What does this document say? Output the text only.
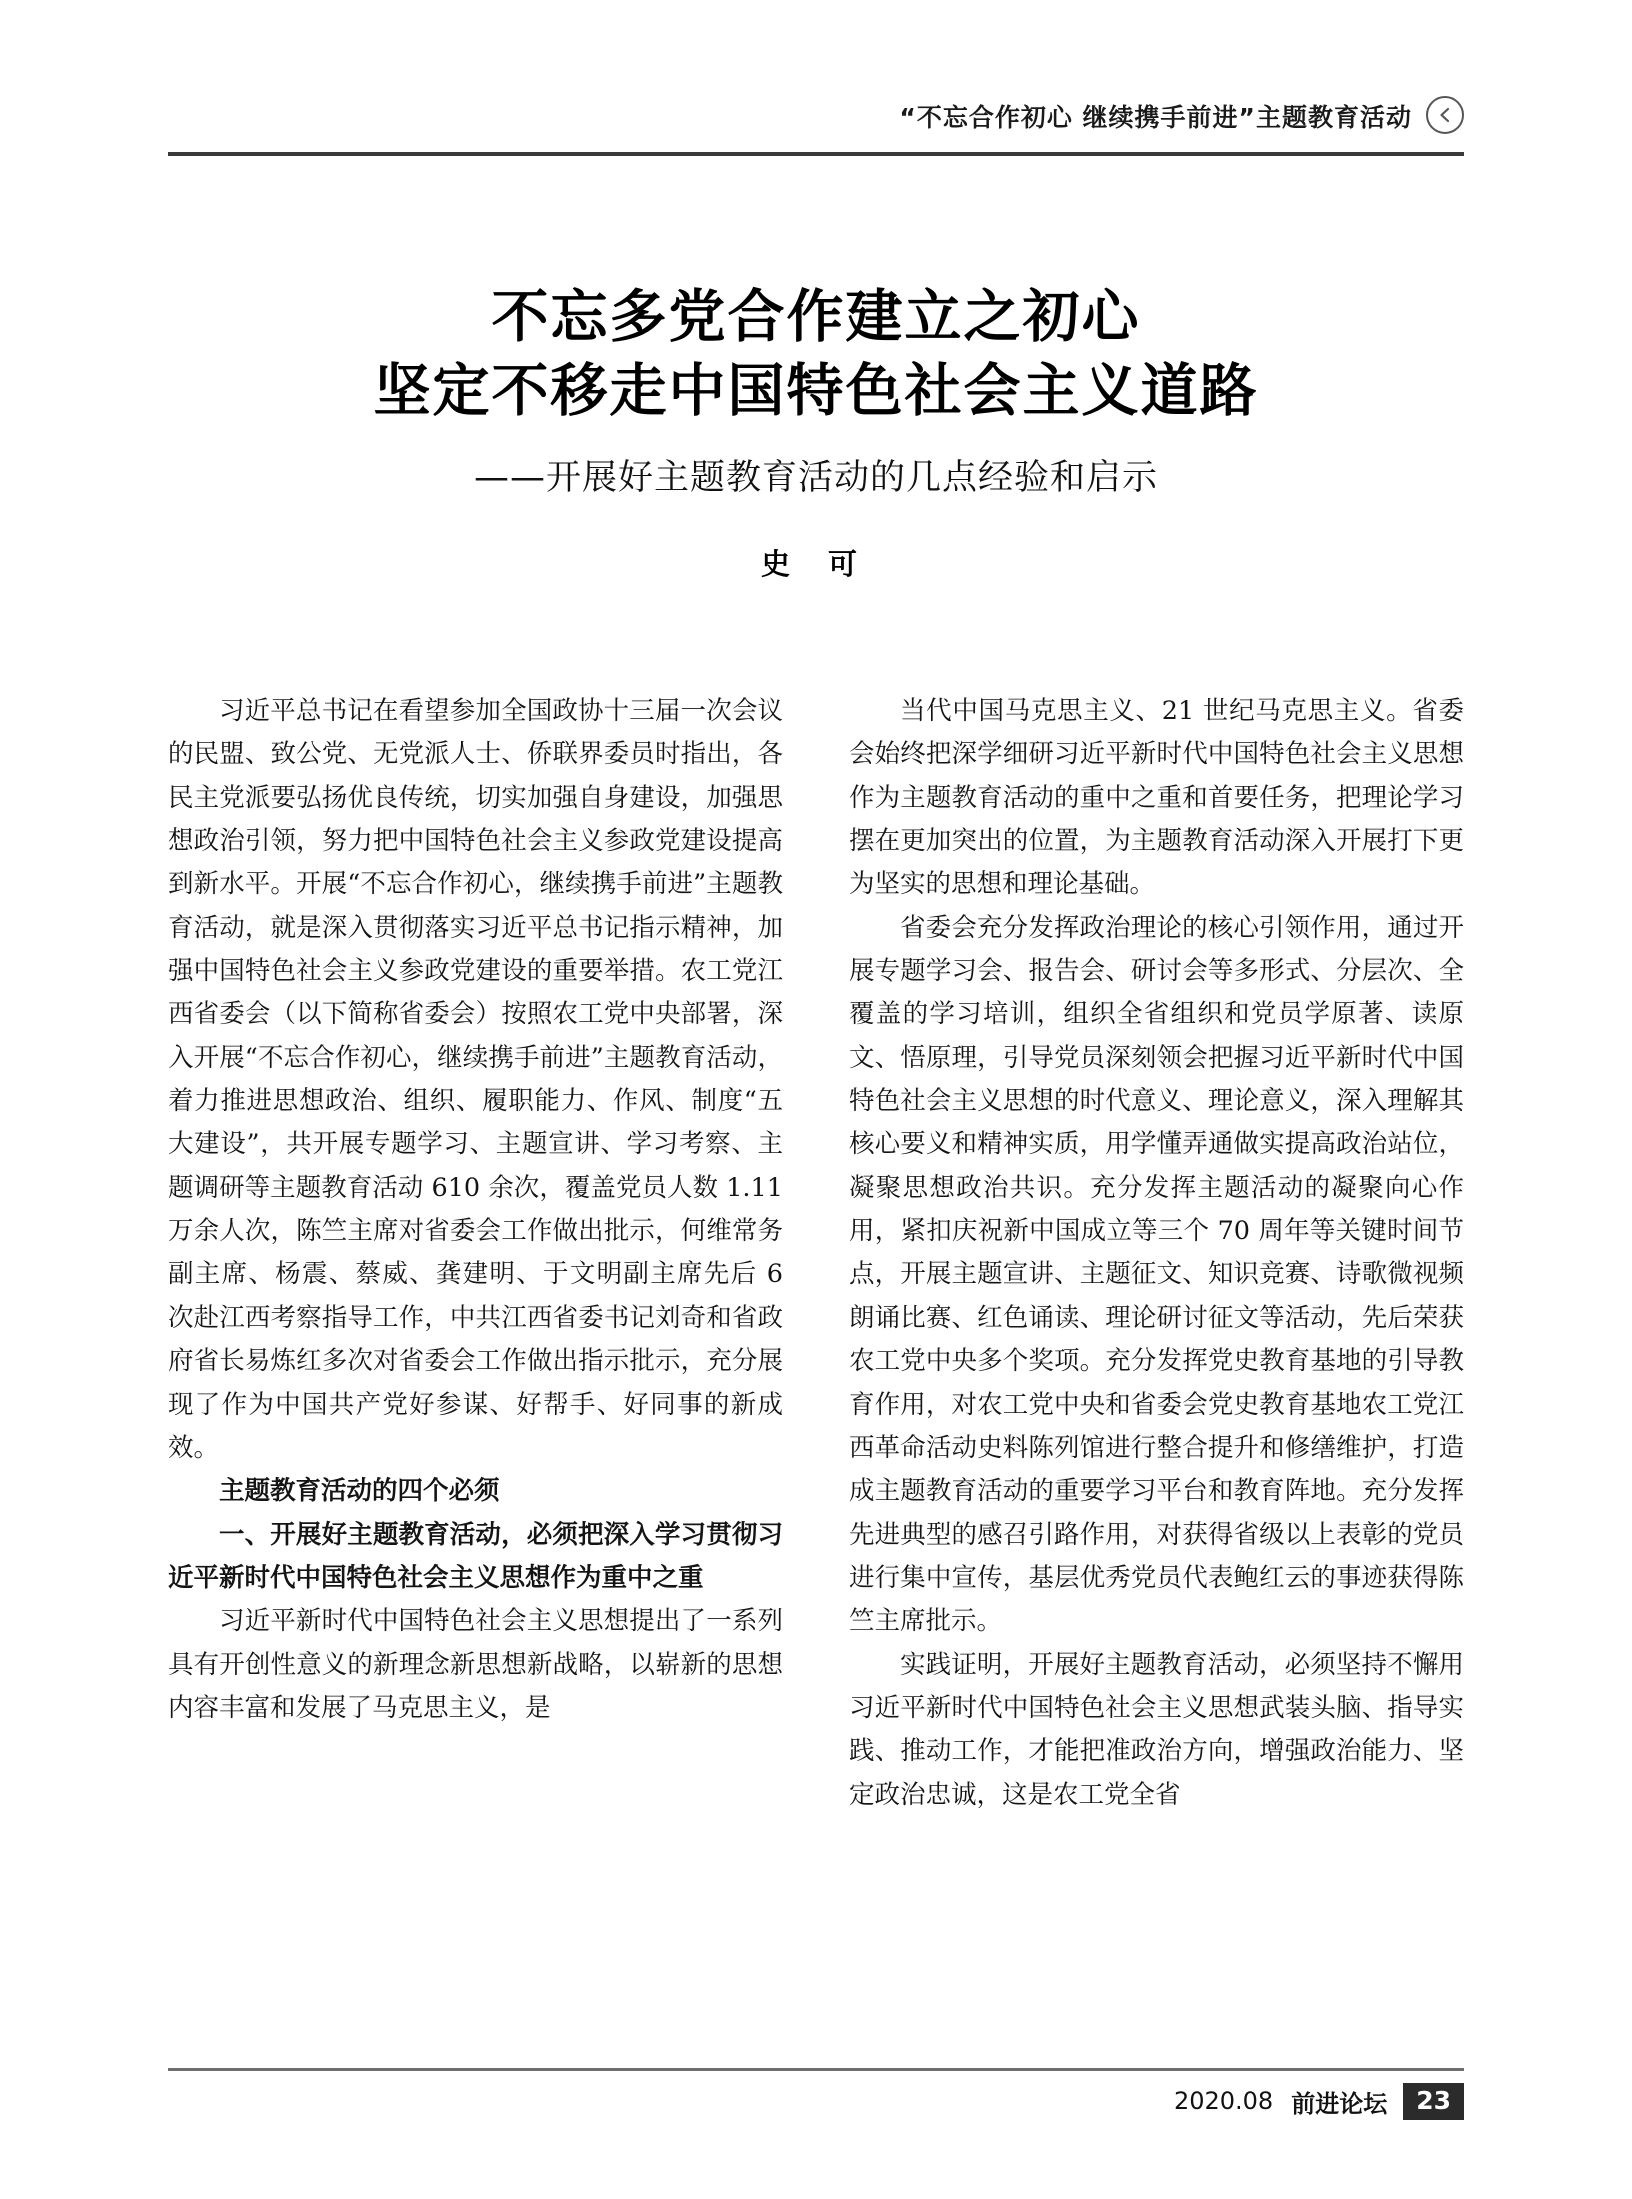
“不忘合作初心 继续携手前进”主题教育活动
不忘多党合作建立之初心
坚定不移走中国特色社会主义道路
——开展好主题教育活动的几点经验和启示
史 可

习近平总书记在看望参加全国政协十三届一次会议的民盟、致公党、无党派人士、侨联界委员时指出，各民主党派要弘扬优良传统，切实加强自身建设，加强思想政治引领，努力把中国特色社会主义参政党建设提高到新水平。开展“不忘合作初心，继续携手前进”主题教育活动，就是深入贯彻落实习近平总书记指示精神，加强中国特色社会主义参政党建设的重要举措。农工党江西省委会（以下简称省委会）按照农工党中央部署，深入开展“不忘合作初心，继续携手前进”主题教育活动，着力推进思想政治、组织、履职能力、作风、制度“五大建设”，共开展专题学习、主题宣讲、学习考察、主题调研等主题教育活动 610 余次，覆盖党员人数 1.11 万余人次，陈竺主席对省委会工作做出批示，何维常务副主席、杨震、蔡威、龚建明、于文明副主席先后 6 次赴江西考察指导工作，中共江西省委书记刘奇和省政府省长易炼红多次对省委会工作做出指示批示，充分展现了作为中国共产党好参谋、好帮手、好同事的新成效。

主题教育活动的四个必须

一、开展好主题教育活动，必须把深入学习贯彻习近平新时代中国特色社会主义思想作为重中之重

习近平新时代中国特色社会主义思想提出了一系列具有开创性意义的新理念新思想新战略，以崭新的思想内容丰富和发展了马克思主义，是

当代中国马克思主义、21 世纪马克思主义。省委会始终把深学细研习近平新时代中国特色社会主义思想作为主题教育活动的重中之重和首要任务，把理论学习摆在更加突出的位置，为主题教育活动深入开展打下更为坚实的思想和理论基础。

省委会充分发挥政治理论的核心引领作用，通过开展专题学习会、报告会、研讨会等多形式、分层次、全覆盖的学习培训，组织全省组织和党员学原著、读原文、悟原理，引导党员深刻领会把握习近平新时代中国特色社会主义思想的时代意义、理论意义，深入理解其核心要义和精神实质，用学懂弄通做实提高政治站位，凝聚思想政治共识。充分发挥主题活动的凝聚向心作用，紧扣庆祝新中国成立等三个 70 周年等关键时间节点，开展主题宣讲、主题征文、知识竞赛、诗歌微视频朗诵比赛、红色诵读、理论研讨征文等活动，先后荣获农工党中央多个奖项。充分发挥党史教育基地的引导教育作用，对农工党中央和省委会党史教育基地农工党江西革命活动史料陈列馆进行整合提升和修缮维护，打造成主题教育活动的重要学习平台和教育阵地。充分发挥先进典型的感召引路作用，对获得省级以上表彰的党员进行集中宣传，基层优秀党员代表鲍红云的事迹获得陈竺主席批示。

实践证明，开展好主题教育活动，必须坚持不懈用习近平新时代中国特色社会主义思想武装头脑、指导实践、推动工作，才能把准政治方向，增强政治能力、坚定政治忠诚，这是农工党全省

2020.08 前进论坛	23
